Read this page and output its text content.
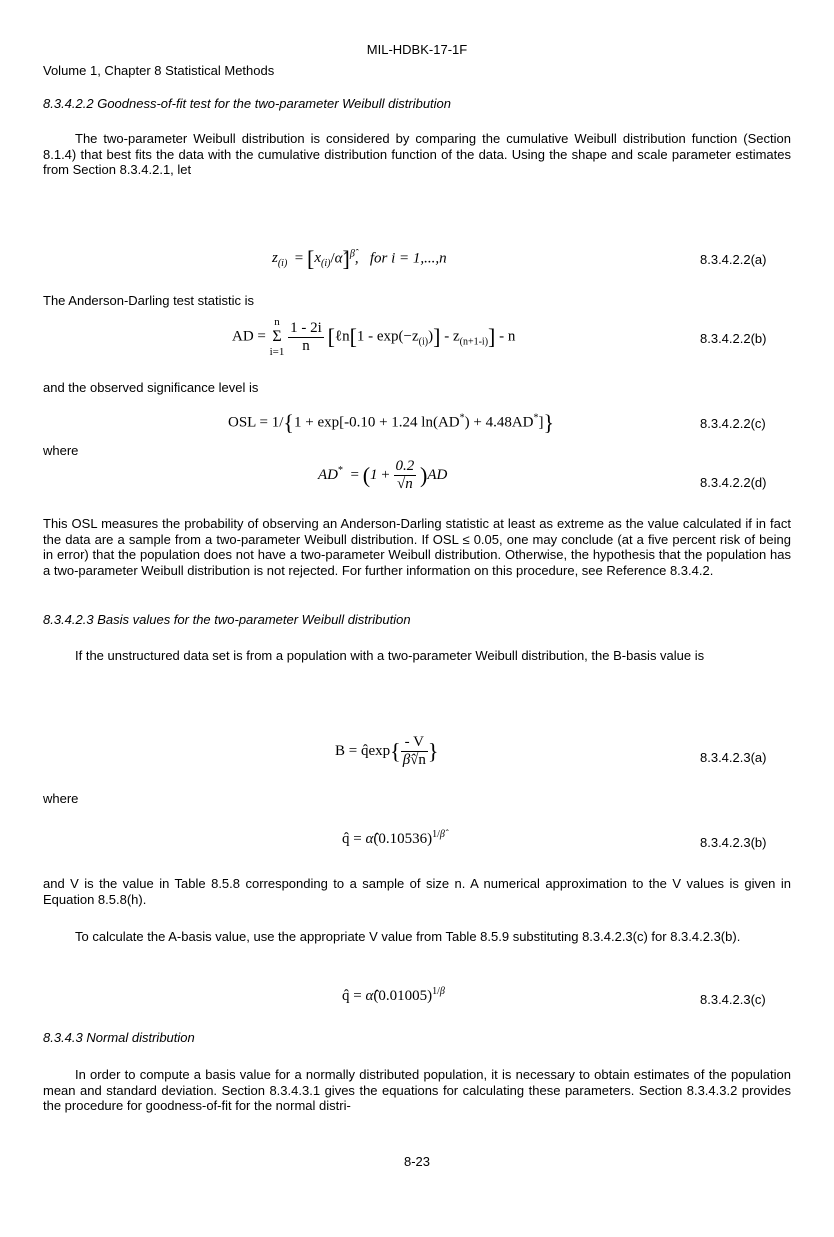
MIL-HDBK-17-1F
Volume 1, Chapter 8 Statistical Methods
8.3.4.2.2 Goodness-of-fit test for the two-parameter Weibull distribution
The two-parameter Weibull distribution is considered by comparing the cumulative Weibull distribution function (Section 8.1.4) that best fits the data with the cumulative distribution function of the data. Using the shape and scale parameter estimates from Section 8.3.4.2.1, let
$z_{(i)}$  = $[x_{(i)}/\alphâ]^{\betâ}$,   for i = 1,...,n	8.3.4.2.2(a)
The Anderson-Darling test statistic is
AD =
n
Σ
i=1
$\frac{1 - 2i}{n}$ [ℓn[1 - $\exp(-z_{(i)})] - z_{(n+1-i)}] - n$	8.3.4.2.2(b)
and the observed significance level is
OSL = 1/{1 + exp[-0.10 + 1.24 ln(AD*) + 4.48AD*]}	8.3.4.2.2(c)
where
$AD^* = (1 + \frac{0.2}{√n} )AD$	8.3.4.2.2(d)
This OSL measures the probability of observing an Anderson-Darling statistic at least as extreme as the value calculated if in fact the data are a sample from a two-parameter Weibull distribution. If OSL ≤ 0.05, one may conclude (at a five percent risk of being in error) that the population does not have a two-parameter Weibull distribution. Otherwise, the hypothesis that the population has a two-parameter Weibull distribution is not rejected. For further information on this procedure, see Reference 8.3.4.2.
8.3.4.2.3 Basis values for the two-parameter Weibull distribution
If the unstructured data set is from a population with a two-parameter Weibull distribution, the B-basis value is
B = q̂exp{ $\frac{- V}{\betâ√n}$ }	8.3.4.2.3(a)
where
q̂ = $\alphâ(0.10536)^{1/\betâ}$
8.3.4.2.3(b)
and V is the value in Table 8.5.8 corresponding to a sample of size n. A numerical approximation to the V values is given in Equation 8.5.8(h).
To calculate the A-basis value, use the appropriate V value from Table 8.5.9 substituting 8.3.4.2.3(c) for 8.3.4.2.3(b).
q̂ = $\alphâ(0.01005)^{1/\beta}$
8.3.4.2.3(c)
8.3.4.3 Normal distribution
In order to compute a basis value for a normally distributed population, it is necessary to obtain estimates of the population mean and standard deviation. Section 8.3.4.3.1 gives the equations for calculating these parameters. Section 8.3.4.3.2 provides the procedure for goodness-of-fit for the normal distri-
8-23
